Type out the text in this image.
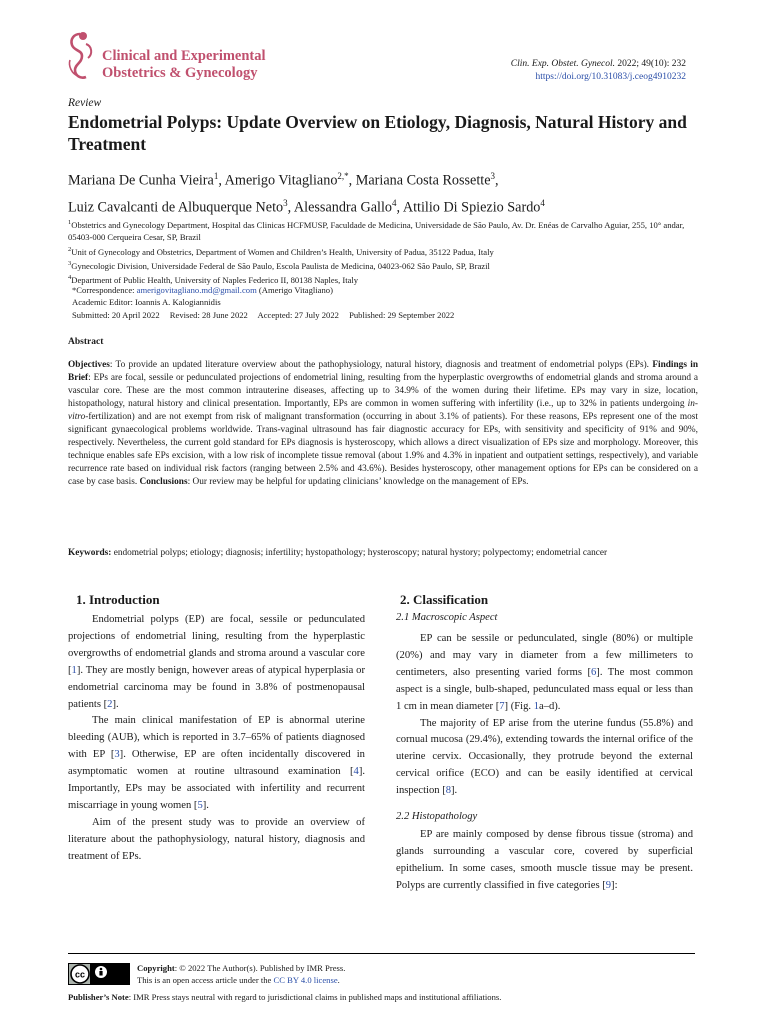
Clinical and Experimental
Obstetrics & Gynecology
Clin. Exp. Obstet. Gynecol. 2022; 49(10): 232
https://doi.org/10.31083/j.ceog4910232
Review
Endometrial Polyps: Update Overview on Etiology, Diagnosis, Natural History and Treatment
Mariana De Cunha Vieira$^1$, Amerigo Vitagliano$^{2,*}$, Mariana Costa Rossette$^3$,
Luiz Cavalcanti de Albuquerque Neto$^3$, Alessandra Gallo$^4$, Attilio Di Spiezio Sardo$^4$
$^1$Obstetrics and Gynecology Department, Hospital das Clinicas HCFMUSP, Faculdade de Medicina, Universidade de São Paulo, Av. Dr. Enéas de Carvalho Aguiar, 255, 10° andar, 05403-000 Cerqueira Cesar, SP, Brazil
$^2$Unit of Gynecology and Obstetrics, Department of Women and Children’s Health, University of Padua, 35122 Padua, Italy
$^3$Gynecologic Division, Universidade Federal de São Paulo, Escola Paulista de Medicina, 04023-062 São Paulo, SP, Brazil
$^4$Department of Public Health, University of Naples Federico II, 80138 Naples, Italy
*Correspondence: amerigovitagliano.md@gmail.com (Amerigo Vitagliano)
Academic Editor: Ioannis A. Kalogiannidis
Submitted: 20 April 2022 Revised: 28 June 2022 Accepted: 27 July 2022 Published: 29 September 2022
Abstract
Objectives: To provide an updated literature overview about the pathophysiology, natural history, diagnosis and treatment of endometrial polyps (EPs). Findings in Brief: EPs are focal, sessile or pedunculated projections of endometrial lining, resulting from the hyperplastic overgrowths of endometrial glands and stroma around a vascular core. These are the most common intrauterine diseases, affecting up to 34.9% of the women during their lifetime. EPs may vary in size, location, histopathology, natural history and clinical presentation. Importantly, EPs are common in women suffering with infertility (i.e., up to 32% in patients undergoing in-vitro-fertilization) and are not exempt from risk of malignant transformation (occurring in about 3.1% of patients). For these reasons, EPs represent one of the most significant gynaecological problems worldwide. Trans-vaginal ultrasound has fair diagnostic accuracy for EPs, with sensitivity and specificity of 91% and 90%, respectively. Nevertheless, the current gold standard for EPs diagnosis is hysteroscopy, which allows a direct visualization of EPs size and morphology. Moreover, this technique enables safe EPs excision, with a low risk of incomplete tissue removal (about 1.9% and 4.3% in inpatient and outpatient settings, respectively), and variable recurrence rate based on individual risk factors (ranging between 2.5% and 43.6%). Besides hysteroscopy, other management options for EPs can be considered on a case by case basis. Conclusions: Our review may be helpful for updating clinicians’ knowledge on the management of EPs.
Keywords: endometrial polyps; etiology; diagnosis; infertility; hystopathology; hysteroscopy; natural hystory; polypectomy; endometrial cancer
1. Introduction

Endometrial polyps (EP) are focal, sessile or pedunculated projections of endometrial lining, resulting from the hyperplastic overgrowths of endometrial glands and stroma around a vascular core [1]. They are mostly benign, however areas of atypical hyperplasia or endometrial carcinoma may be found in 3.8% of postmenopausal patients [2].

The main clinical manifestation of EP is abnormal uterine bleeding (AUB), which is reported in 3.7–65% of patients diagnosed with EP [3]. Otherwise, EP are often incidentally discovered in asymptomatic women at routine ultrasound examination [4]. Importantly, EPs may be associated with infertility and recurrent miscarriage in young women [5].

Aim of the present study was to provide an overview of literature about the pathophysiology, natural history, diagnosis and treatment of EPs.

2. Classification
2.1 Macroscopic Aspect

EP can be sessile or pedunculated, single (80%) or multiple (20%) and may vary in diameter from a few millimeters to centimeters, also presenting varied forms [6]. The most common aspect is a single, bulb-shaped, pedunculated mass equal or less than 1 cm in mean diameter [7] (Fig. 1a–d).

The majority of EP arise from the uterine fundus (55.8%) and cornual mucosa (29.4%), extending towards the internal orifice of the uterine cervix. Occasionally, they protrude beyond the external cervical orifice (ECO) and can be easily identified at cervical inspection [8].

2.2 Histopathology

EP are mainly composed by dense fibrous tissue (stroma) and glands surrounding a vascular core, covered by superficial epithelium. In some cases, smooth muscle tissue may be present. Polyps are currently classified in five categories [9]:

cc
Copyright: © 2022 The Author(s). Published by IMR Press.
This is an open access article under the CC BY 4.0 license.
Publisher’s Note: IMR Press stays neutral with regard to jurisdictional claims in published maps and institutional affiliations.
